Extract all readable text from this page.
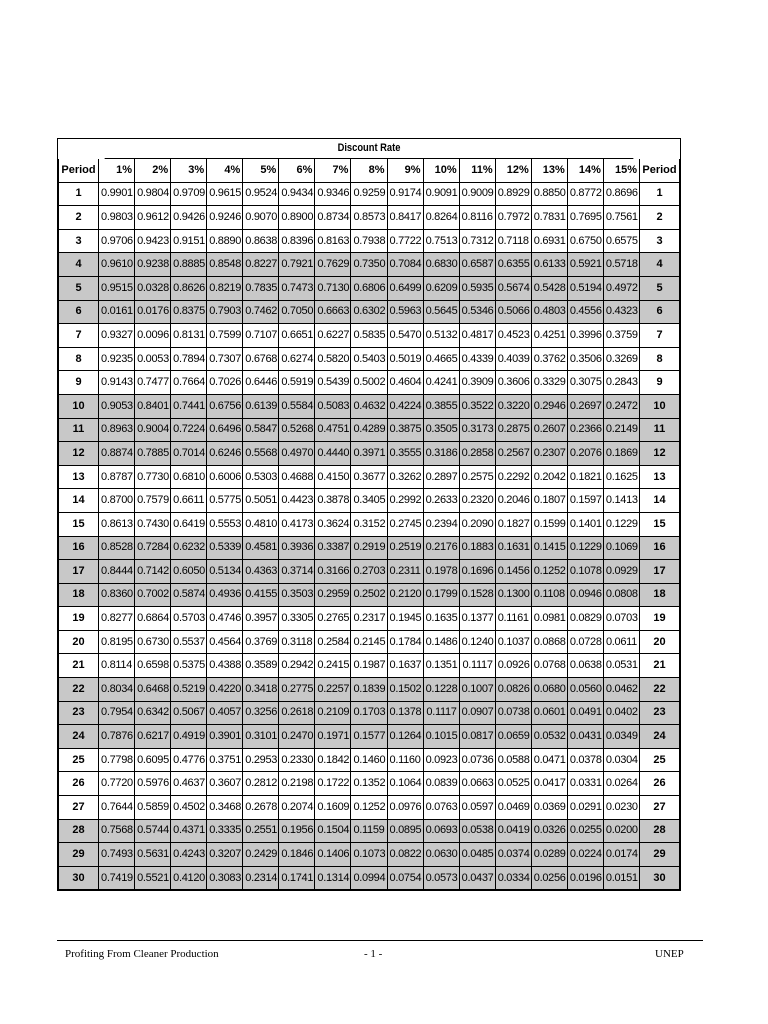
Discount Rate
Period	1%	2%	3%	4%	5%	6%	7%	8%	9%	10%	11%	12%	13%	14%	15%	Period
1	0.9901	0.9804	0.9709	0.9615	0.9524	0.9434	0.9346	0.9259	0.9174	0.9091	0.9009	0.8929	0.8850	0.8772	0.8696	1
2	0.9803	0.9612	0.9426	0.9246	0.9070	0.8900	0.8734	0.8573	0.8417	0.8264	0.8116	0.7972	0.7831	0.7695	0.7561	2
3	0.9706	0.9423	0.9151	0.8890	0.8638	0.8396	0.8163	0.7938	0.7722	0.7513	0.7312	0.7118	0.6931	0.6750	0.6575	3
4	0.9610	0.9238	0.8885	0.8548	0.8227	0.7921	0.7629	0.7350	0.7084	0.6830	0.6587	0.6355	0.6133	0.5921	0.5718	4
5	0.9515	0.0328	0.8626	0.8219	0.7835	0.7473	0.7130	0.6806	0.6499	0.6209	0.5935	0.5674	0.5428	0.5194	0.4972	5
6	0.0161	0.0176	0.8375	0.7903	0.7462	0.7050	0.6663	0.6302	0.5963	0.5645	0.5346	0.5066	0.4803	0.4556	0.4323	6
7	0.9327	0.0096	0.8131	0.7599	0.7107	0.6651	0.6227	0.5835	0.5470	0.5132	0.4817	0.4523	0.4251	0.3996	0.3759	7
8	0.9235	0.0053	0.7894	0.7307	0.6768	0.6274	0.5820	0.5403	0.5019	0.4665	0.4339	0.4039	0.3762	0.3506	0.3269	8
9	0.9143	0.7477	0.7664	0.7026	0.6446	0.5919	0.5439	0.5002	0.4604	0.4241	0.3909	0.3606	0.3329	0.3075	0.2843	9
10	0.9053	0.8401	0.7441	0.6756	0.6139	0.5584	0.5083	0.4632	0.4224	0.3855	0.3522	0.3220	0.2946	0.2697	0.2472	10
11	0.8963	0.9004	0.7224	0.6496	0.5847	0.5268	0.4751	0.4289	0.3875	0.3505	0.3173	0.2875	0.2607	0.2366	0.2149	11
12	0.8874	0.7885	0.7014	0.6246	0.5568	0.4970	0.4440	0.3971	0.3555	0.3186	0.2858	0.2567	0.2307	0.2076	0.1869	12
13	0.8787	0.7730	0.6810	0.6006	0.5303	0.4688	0.4150	0.3677	0.3262	0.2897	0.2575	0.2292	0.2042	0.1821	0.1625	13
14	0.8700	0.7579	0.6611	0.5775	0.5051	0.4423	0.3878	0.3405	0.2992	0.2633	0.2320	0.2046	0.1807	0.1597	0.1413	14
15	0.8613	0.7430	0.6419	0.5553	0.4810	0.4173	0.3624	0.3152	0.2745	0.2394	0.2090	0.1827	0.1599	0.1401	0.1229	15
16	0.8528	0.7284	0.6232	0.5339	0.4581	0.3936	0.3387	0.2919	0.2519	0.2176	0.1883	0.1631	0.1415	0.1229	0.1069	16
17	0.8444	0.7142	0.6050	0.5134	0.4363	0.3714	0.3166	0.2703	0.2311	0.1978	0.1696	0.1456	0.1252	0.1078	0.0929	17
18	0.8360	0.7002	0.5874	0.4936	0.4155	0.3503	0.2959	0.2502	0.2120	0.1799	0.1528	0.1300	0.1108	0.0946	0.0808	18
19	0.8277	0.6864	0.5703	0.4746	0.3957	0.3305	0.2765	0.2317	0.1945	0.1635	0.1377	0.1161	0.0981	0.0829	0.0703	19
20	0.8195	0.6730	0.5537	0.4564	0.3769	0.3118	0.2584	0.2145	0.1784	0.1486	0.1240	0.1037	0.0868	0.0728	0.0611	20
21	0.8114	0.6598	0.5375	0.4388	0.3589	0.2942	0.2415	0.1987	0.1637	0.1351	0.1117	0.0926	0.0768	0.0638	0.0531	21
22	0.8034	0.6468	0.5219	0.4220	0.3418	0.2775	0.2257	0.1839	0.1502	0.1228	0.1007	0.0826	0.0680	0.0560	0.0462	22
23	0.7954	0.6342	0.5067	0.4057	0.3256	0.2618	0.2109	0.1703	0.1378	0.1117	0.0907	0.0738	0.0601	0.0491	0.0402	23
24	0.7876	0.6217	0.4919	0.3901	0.3101	0.2470	0.1971	0.1577	0.1264	0.1015	0.0817	0.0659	0.0532	0.0431	0.0349	24
25	0.7798	0.6095	0.4776	0.3751	0.2953	0.2330	0.1842	0.1460	0.1160	0.0923	0.0736	0.0588	0.0471	0.0378	0.0304	25
26	0.7720	0.5976	0.4637	0.3607	0.2812	0.2198	0.1722	0.1352	0.1064	0.0839	0.0663	0.0525	0.0417	0.0331	0.0264	26
27	0.7644	0.5859	0.4502	0.3468	0.2678	0.2074	0.1609	0.1252	0.0976	0.0763	0.0597	0.0469	0.0369	0.0291	0.0230	27
28	0.7568	0.5744	0.4371	0.3335	0.2551	0.1956	0.1504	0.1159	0.0895	0.0693	0.0538	0.0419	0.0326	0.0255	0.0200	28
29	0.7493	0.5631	0.4243	0.3207	0.2429	0.1846	0.1406	0.1073	0.0822	0.0630	0.0485	0.0374	0.0289	0.0224	0.0174	29
30	0.7419	0.5521	0.4120	0.3083	0.2314	0.1741	0.1314	0.0994	0.0754	0.0573	0.0437	0.0334	0.0256	0.0196	0.0151	30
Profiting From Cleaner Production	- 1 -	UNEP
